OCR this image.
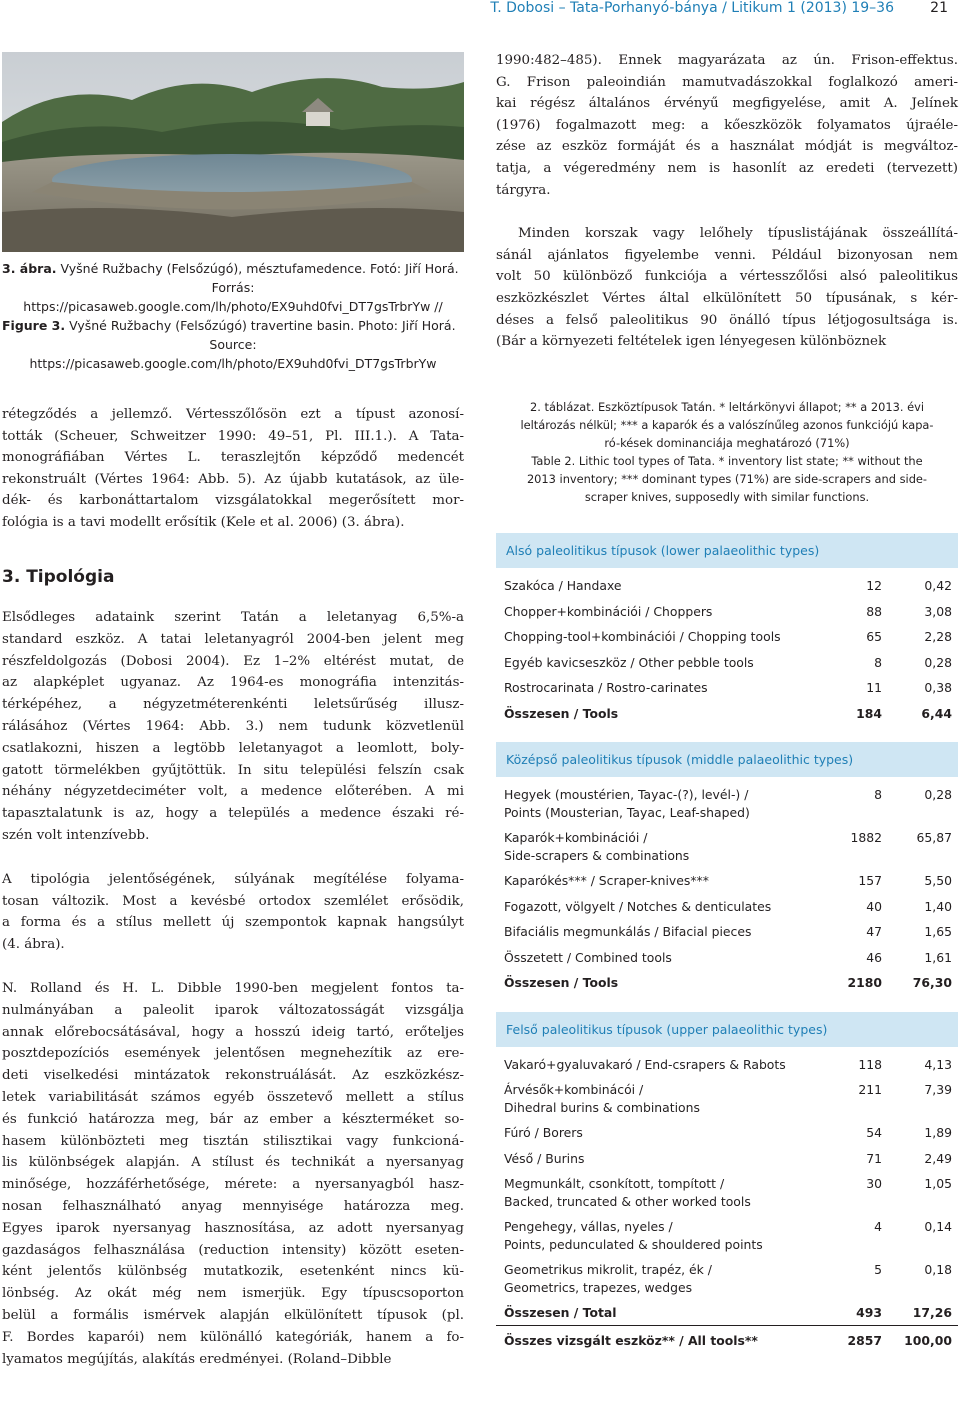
T. Dobosi – Tata-Porhanyó-bánya / Litikum 1 (2013) 19–36	21
3. ábra. Vyšné Ružbachy (Felsőzúgó), mésztufamedence. Fotó: Jiří Horá.
Forrás:
https://picasaweb.google.com/lh/photo/EX9uhd0fvi_DT7gsTrbrYw //
Figure 3. Vyšné Ružbachy (Felsőzúgó) travertine basin. Photo: Jiří Horá.
Source:
https://picasaweb.google.com/lh/photo/EX9uhd0fvi_DT7gsTrbrYw
rétegződés a jellemző. Vértesszőlősön ezt a típust azonosí-
tották (Scheuer, Schweitzer 1990: 49–51, Pl. III.1.). A Tata-
monográfiában Vértes L. teraszlejtőn képződő medencét
rekonstruált (Vértes 1964: Abb. 5). Az újabb kutatások, az üle-
dék- és karbonáttartalom vizsgálatokkal megerősített mor-
fológia is a tavi modellt erősítik (Kele et al. 2006) (3. ábra).
3. Tipológia
Elsődleges adataink szerint Tatán a leletanyag 6,5%-a
standard eszköz. A tatai leletanyagról 2004-ben jelent meg
részfeldolgozás (Dobosi 2004). Ez 1–2% eltérést mutat, de
az alapképlet ugyanaz. Az 1964-es monográfia intenzitás-
térképéhez, a négyzetméterenkénti leletsűrűség illusz-
rálásához (Vértes 1964: Abb. 3.) nem tudunk közvetlenül
csatlakozni, hiszen a legtöbb leletanyagot a leomlott, boly-
gatott törmelékben gyűjtöttük. In situ települési felszín csak
néhány négyzetdeciméter volt, a medence előterében. A mi
tapasztalatunk is az, hogy a település a medence északi ré-
szén volt intenzívebb.
A tipológia jelentőségének, súlyának megítélése folyama-
tosan változik. Most a kevésbé ortodox szemlélet erősödik,
a forma és a stílus mellett új szempontok kapnak hangsúlyt
(4. ábra).
N. Rolland és H. L. Dibble 1990-ben megjelent fontos ta-
nulmányában a paleolit iparok változatosságát vizsgálja
annak előrebocsátásával, hogy a hosszú ideig tartó, erőteljes
posztdepozíciós események jelentősen megnehezítik az ere-
deti viselkedési mintázatok rekonstruálását. Az eszközkész-
letek variabilitását számos egyéb összetevő mellett a stílus
és funkció határozza meg, bár az ember a készterméket so-
hasem különbözteti meg tisztán stilisztikai vagy funkcioná-
lis különbségek alapján. A stílust és technikát a nyersanyag
minősége, hozzáférhetősége, mérete: a nyersanyagból hasz-
nosan felhasználható anyag mennyisége határozza meg.
Egyes iparok nyersanyag hasznosítása, az adott nyersanyag
gazdaságos felhasználása (reduction intensity) között eseten-
ként jelentős különbség mutatkozik, esetenként nincs kü-
lönbség. Az okát még nem ismerjük. Egy típuscsoporton
belül a formális ismérvek alapján elkülönített típusok (pl.
F. Bordes kaparói) nem különálló kategóriák, hanem a fo-
lyamatos megújítás, alakítás eredményei. (Roland–Dibble
1990:482–485). Ennek magyarázata az ún. Frison-effektus.
G. Frison paleoindián mamutvadászokkal foglalkozó ameri-
kai régész általános érvényű megfigyelése, amit A. Jelínek
(1976) fogalmazott meg: a kőeszközök folyamatos újraéle-
zése az eszköz formáját és a használat módját is megváltoz-
tatja, a végeredmény nem is hasonlít az eredeti (tervezett)
tárgyra.
Minden korszak vagy lelőhely típuslistájának összeállítá-
sánál ajánlatos figyelembe venni. Például bizonyosan nem
volt 50 különböző funkciója a vértesszőlősi alsó paleolitikus
eszközkészlet Vértes által elkülönített 50 típusának, s kér-
déses a felső paleolitikus 90 önálló típus létjogosultsága is.
(Bár a környezeti feltételek igen lényegesen különböznek
2. táblázat. Eszköztípusok Tatán. * leltárkönyvi állapot; ** a 2013. évi
leltározás nélkül; *** a kaparók és a valószínűleg azonos funkciójú kapa-
ró-kések dominanciája meghatározó (71%)
Table 2. Lithic tool types of Tata. * inventory list state; ** without the
2013 inventory; *** dominant types (71%) are side-scrapers and side-
scraper knives, supposedly with similar functions.
Alsó paleolitikus típusok (lower palaeolithic types)
Szakóca / Handaxe	12	0,42
Chopper+kombinációi / Choppers	88	3,08
Chopping-tool+kombinációi / Chopping tools	65	2,28
Egyéb kavicseszköz / Other pebble tools	8	0,28
Rostrocarinata / Rostro-carinates	11	0,38
Összesen / Tools	184	6,44
Középső paleolitikus típusok (middle palaeolithic types)
Hegyek (moustérien, Tayac-(?), levél-) /
Points (Mousterian, Tayac, Leaf-shaped)
8	0,28
Kaparók+kombinációi /
Side-scrapers & combinations
1882	65,87
Kaparókés*** / Scraper-knives***	157	5,50
Fogazott, völgyelt / Notches & denticulates	40	1,40
Bifaciális megmunkálás / Bifacial pieces	47	1,65
Összetett / Combined tools	46	1,61
Összesen / Tools	2180 76,30
Felső paleolitikus típusok (upper palaeolithic types)
Vakaró+gyaluvakaró / End-csrapers & Rabots	118	4,13
Árvésők+kombinácói /
Dihedral burins & combinations
211	7,39
Fúró / Borers	54	1,89
Véső / Burins	71	2,49
Megmunkált, csonkított, tompított /
Backed, truncated & other worked tools
30	1,05
Pengehegy, vállas, nyeles /
Points, pedunculated & shouldered points
4	0,14
Geometrikus mikrolit, trapéz, ék /
Geometrics, trapezes, wedges
5	0,18
Összesen / Total	493 17,26
Összes vizsgált eszköz** / All tools**	2857 100,00
